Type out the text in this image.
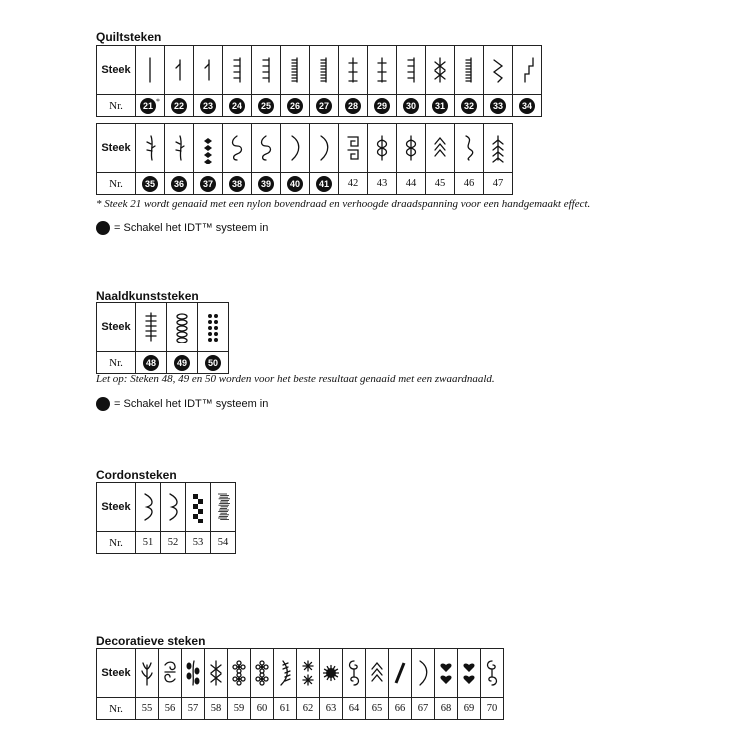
Quiltsteken
Naaldkunststeken
Cordonsteken
Decoratieve steken
Steek	

Nr.	21 *	22	23	24	25	26	27	28	29	30	31	32	33	34
Steek	

Nr.	35	36	37	38	39	40	41	42	43	44	45	46	47
Steek	

Nr.	48	49	50
Steek	

Nr.	51	52	53	54
Steek	

Nr.	55	56	57	58	59	60	61	62	63	64	65	66	67	68	69	70
* Steek 21 wordt genaaid met een nylon bovendraad en verhoogde draadspanning voor een handgemaakt effect.
= Schakel het IDT™ systeem in
Let op: Steken 48, 49 en 50 worden voor het beste resultaat genaaid met een zwaardnaald.
= Schakel het IDT™ systeem in
